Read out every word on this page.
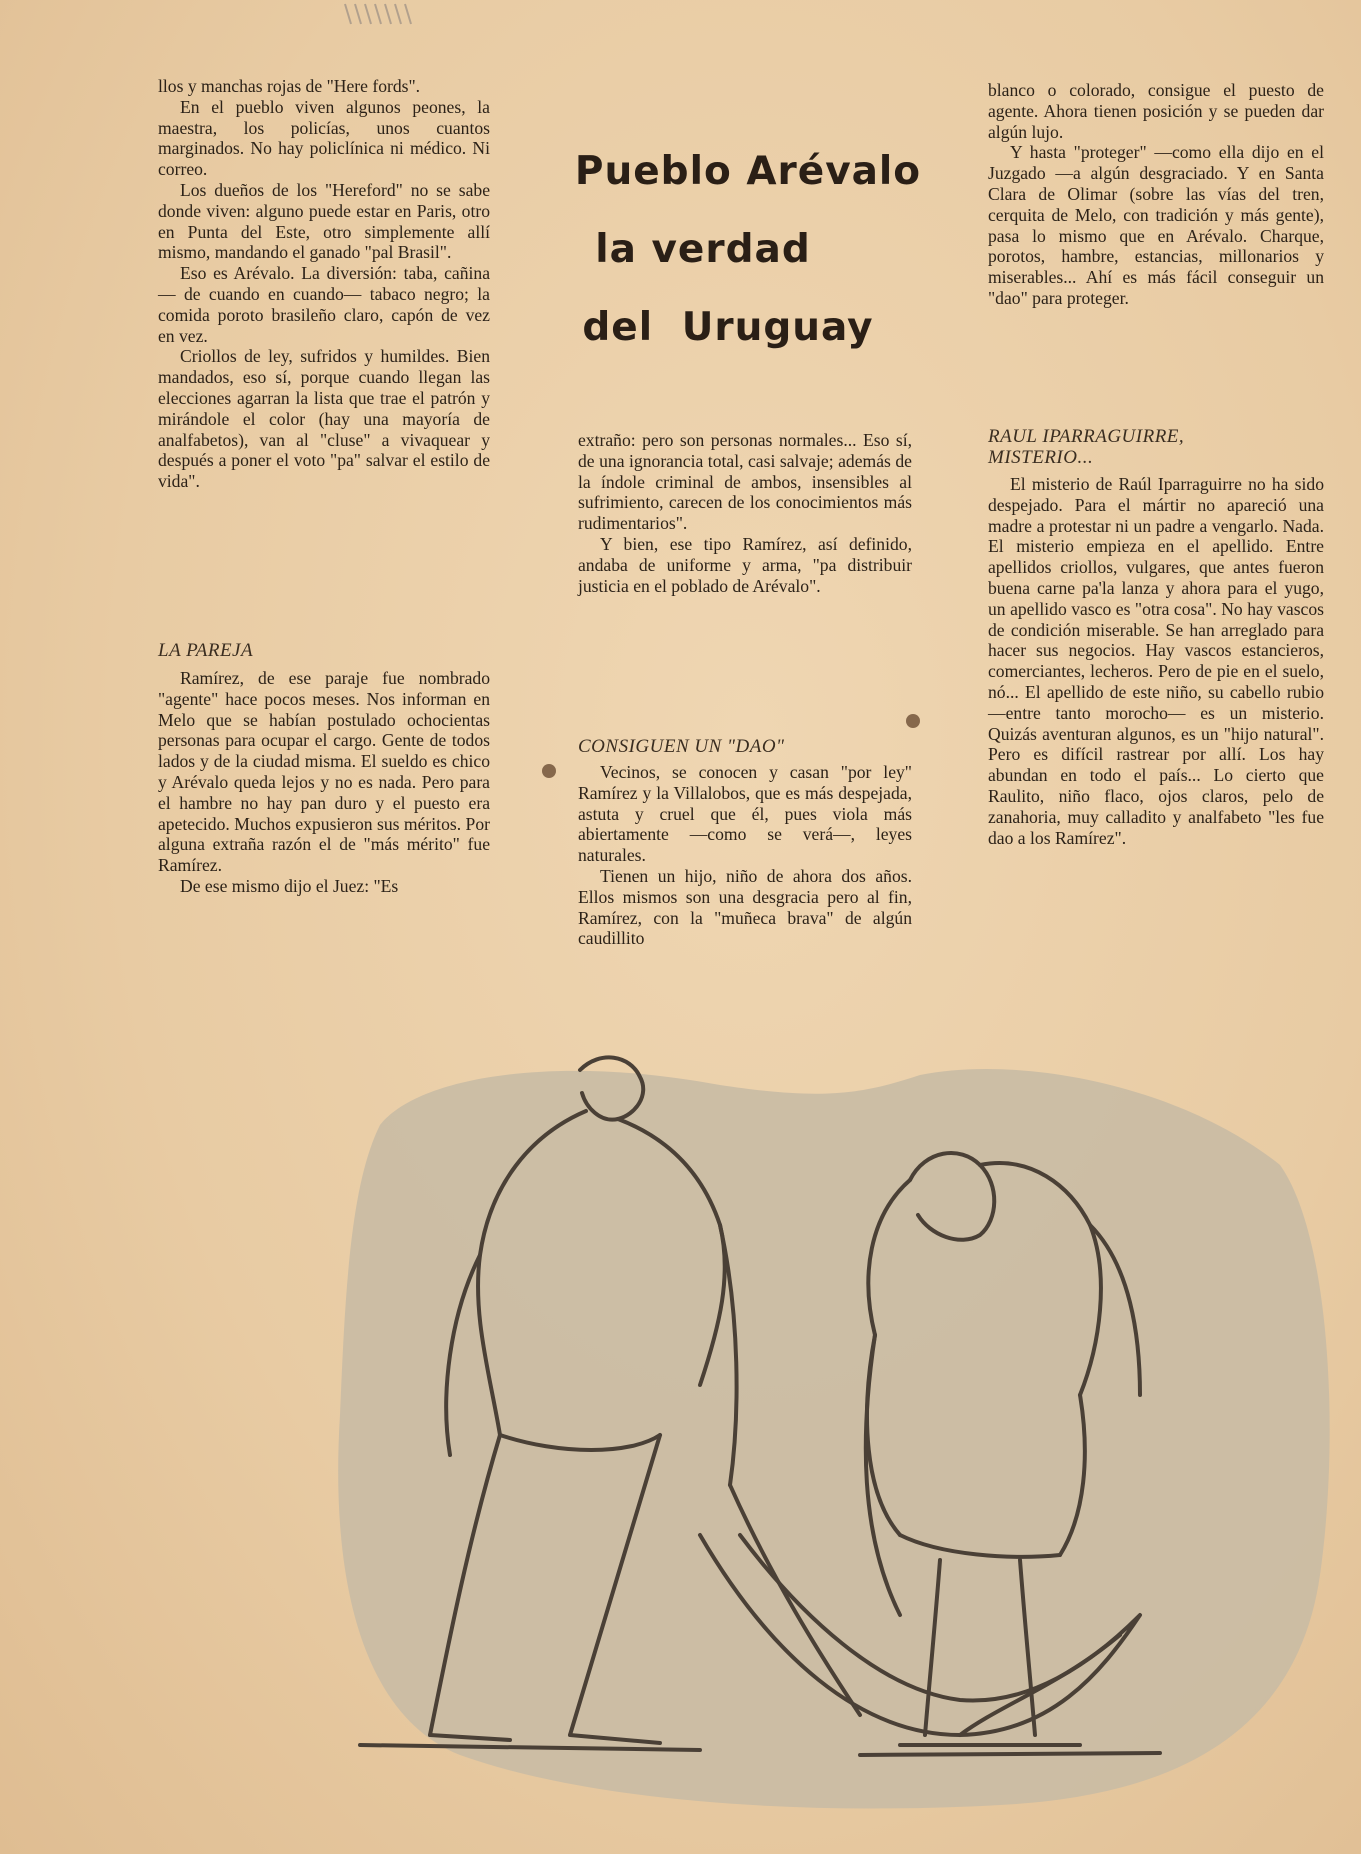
llos y manchas rojas de "Here fords".

En el pueblo viven algunos peones, la maestra, los policías, unos cuantos marginados. No hay policlínica ni médico. Ni correo.

Los dueños de los "Hereford" no se sabe donde viven: alguno puede estar en Paris, otro en Punta del Este, otro simplemente allí mismo, mandando el ganado "pal Brasil".

Eso es Arévalo. La diversión: taba, cañina— de cuando en cuando— tabaco negro; la comida poroto brasileño claro, capón de vez en vez.

Criollos de ley, sufridos y humildes. Bien mandados, eso sí, porque cuando llegan las elecciones agarran la lista que trae el patrón y mirándole el color (hay una mayoría de analfabetos), van al "cluse" a vivaquear y después a poner el voto "pa" salvar el estilo de vida".

LA PAREJA

Ramírez, de ese paraje fue nombrado "agente" hace pocos meses. Nos informan en Melo que se habían postulado ochocientas personas para ocupar el cargo. Gente de todos lados y de la ciudad misma. El sueldo es chico y Arévalo queda lejos y no es nada. Pero para el hambre no hay pan duro y el puesto era apetecido. Muchos expusieron sus méritos. Por alguna extraña razón el de "más mérito" fue Ramírez.

De ese mismo dijo el Juez: "Es

Pueblo Arévalo
la verdad
del Uruguay

extraño: pero son personas normales... Eso sí, de una ignorancia total, casi salvaje; además de la índole criminal de ambos, insensibles al sufrimiento, carecen de los conocimientos más rudimentarios".

Y bien, ese tipo Ramírez, así definido, andaba de uniforme y arma, "pa distribuir justicia en el poblado de Arévalo".

CONSIGUEN UN "DAO"

Vecinos, se conocen y casan "por ley" Ramírez y la Villalobos, que es más despejada, astuta y cruel que él, pues viola más abiertamente —como se verá—, leyes naturales.

Tienen un hijo, niño de ahora dos años. Ellos mismos son una desgracia pero al fin, Ramírez, con la "muñeca brava" de algún caudillito

blanco o colorado, consigue el puesto de agente. Ahora tienen posición y se pueden dar algún lujo.

Y hasta "proteger" —como ella dijo en el Juzgado —a algún desgraciado. Y en Santa Clara de Olimar (sobre las vías del tren, cerquita de Melo, con tradición y más gente), pasa lo mismo que en Arévalo. Charque, porotos, hambre, estancias, millonarios y miserables... Ahí es más fácil conseguir un "dao" para proteger.

RAUL IPARRAGUIRRE, MISTERIO...

El misterio de Raúl Iparraguirre no ha sido despejado. Para el mártir no apareció una madre a protestar ni un padre a vengarlo. Nada. El misterio empieza en el apellido. Entre apellidos criollos, vulgares, que antes fueron buena carne pa'la lanza y ahora para el yugo, un apellido vasco es "otra cosa". No hay vascos de condición miserable. Se han arreglado para hacer sus negocios. Hay vascos estancieros, comerciantes, lecheros. Pero de pie en el suelo, nó... El apellido de este niño, su cabello rubio —entre tanto morocho— es un misterio. Quizás aventuran algunos, es un "hijo natural". Pero es difícil rastrear por allí. Los hay abundan en todo el país... Lo cierto que Raulito, niño flaco, ojos claros, pelo de zanahoria, muy calladito y analfabeto "les fue dao a los Ramírez".
